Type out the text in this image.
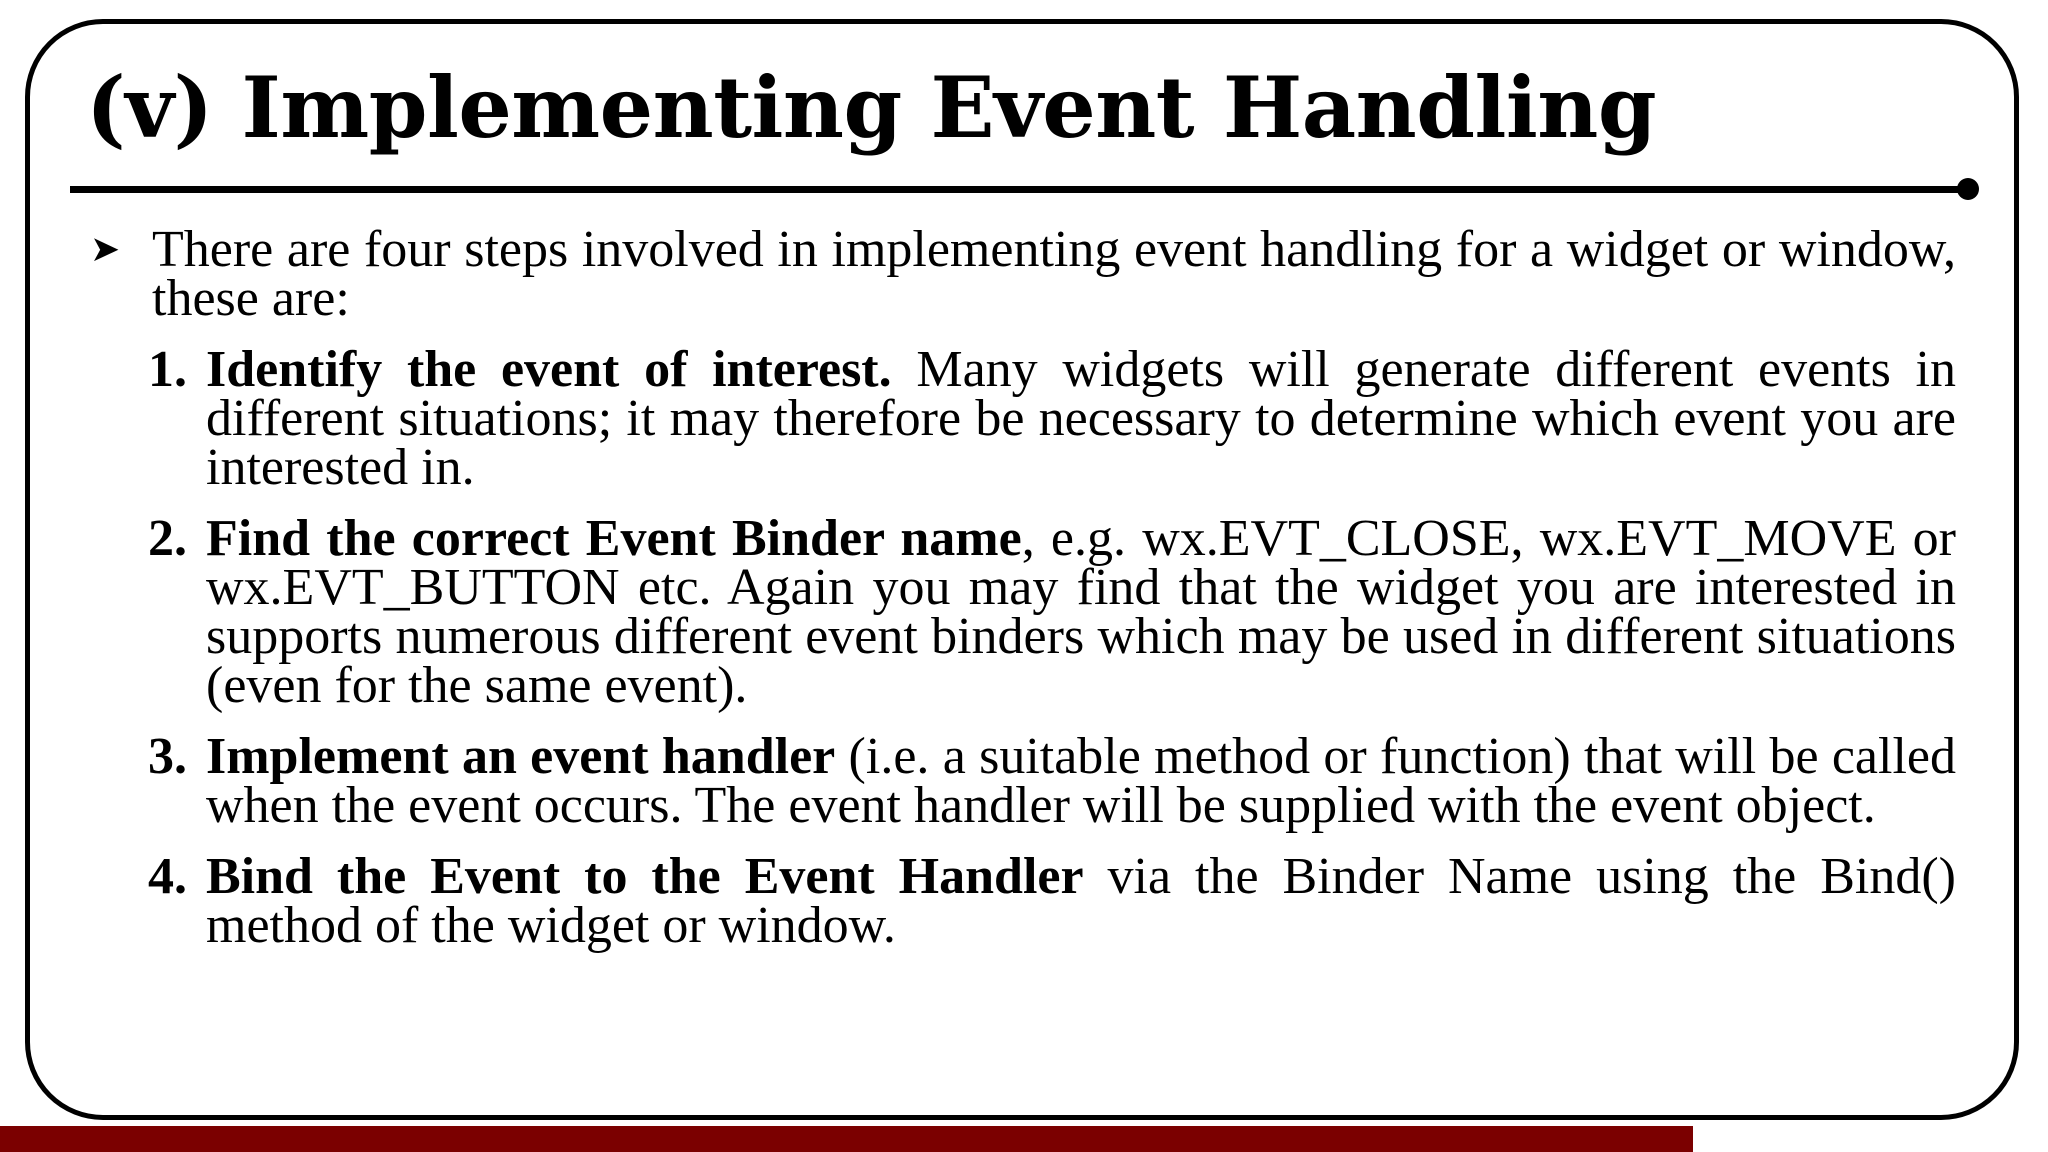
(v) Implementing Event Handling
➤ There are four steps involved in implementing event handling for a widget or window, these are:
1. Identify the event of interest. Many widgets will generate different events in different situations; it may therefore be necessary to determine which event you are interested in.
2. Find the correct Event Binder name, e.g. wx.EVT_CLOSE, wx.EVT_MOVE or wx.EVT_BUTTON etc. Again you may find that the widget you are interested in supports numerous different event binders which may be used in different situations (even for the same event).
3. Implement an event handler (i.e. a suitable method or function) that will be called when the event occurs. The event handler will be supplied with the event object.
4. Bind the Event to the Event Handler via the Binder Name using the Bind() method of the widget or window.
